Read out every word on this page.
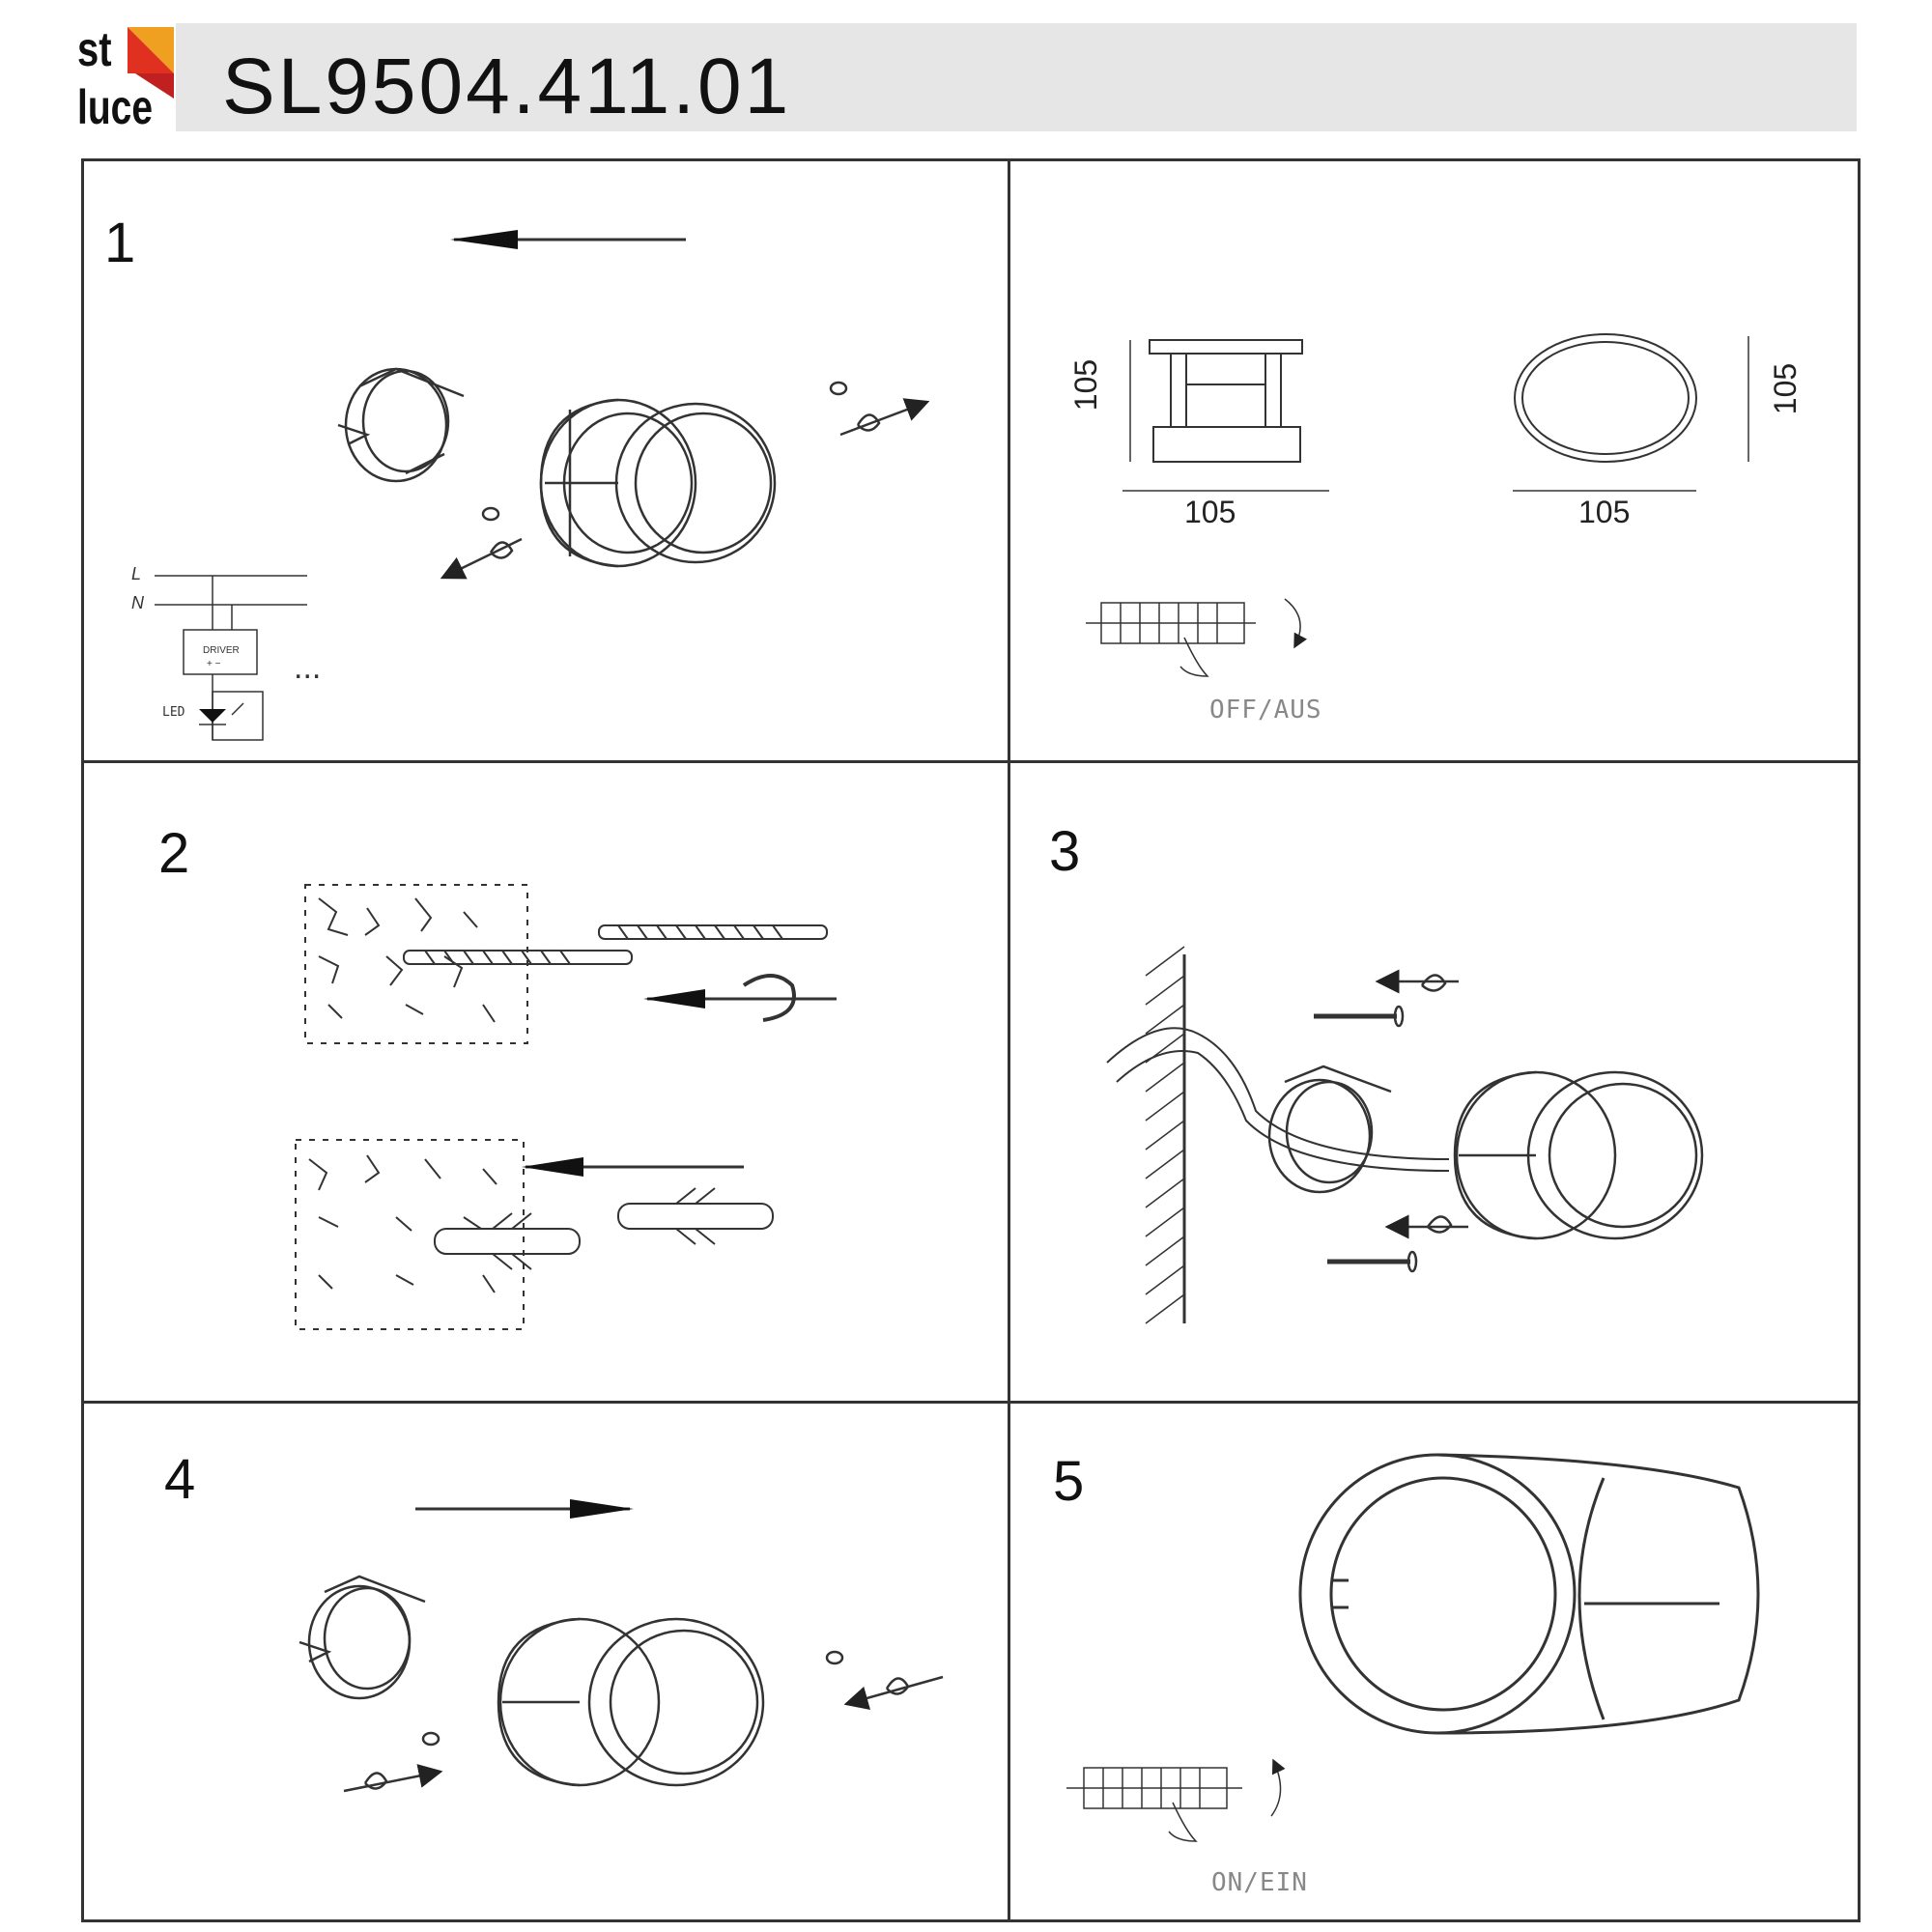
st
luce SL9504.411.01
1
2	3
4	5
105
105
105
105
OFF/AUS
ON/EIN
L
N
DRIVER
+ −
LED
...
